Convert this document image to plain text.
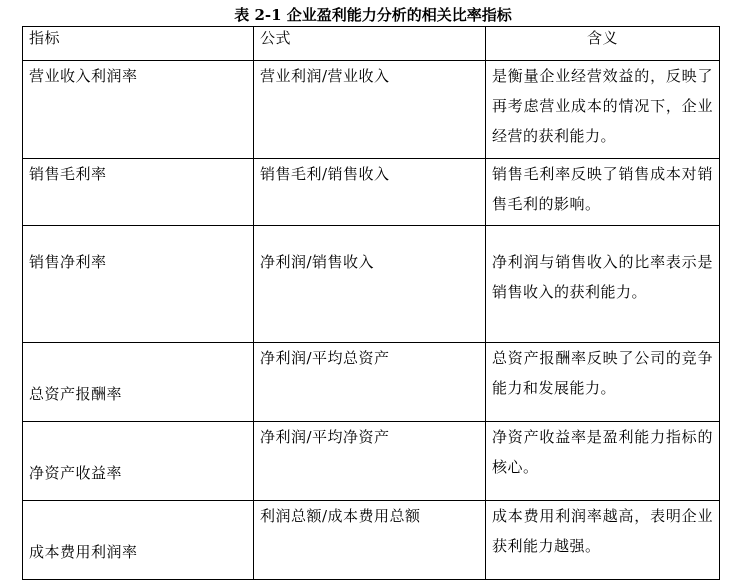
表 2-1 企业盈利能力分析的相关比率指标
指标	公式	含义
营业收入利润率	营业利润/营业收入	是衡量企业经营效益的，反映了再考虑营业成本的情况下，企业经营的获利能力。
销售毛利率	销售毛利/销售收入	销售毛利率反映了销售成本对销售毛利的影响。
销售净利率	净利润/销售收入	净利润与销售收入的比率表示是销售收入的获利能力。
总资产报酬率	净利润/平均总资产	总资产报酬率反映了公司的竞争能力和发展能力。
净资产收益率	净利润/平均净资产	净资产收益率是盈利能力指标的核心。
成本费用利润率	利润总额/成本费用总额	成本费用利润率越高，表明企业获利能力越强。
